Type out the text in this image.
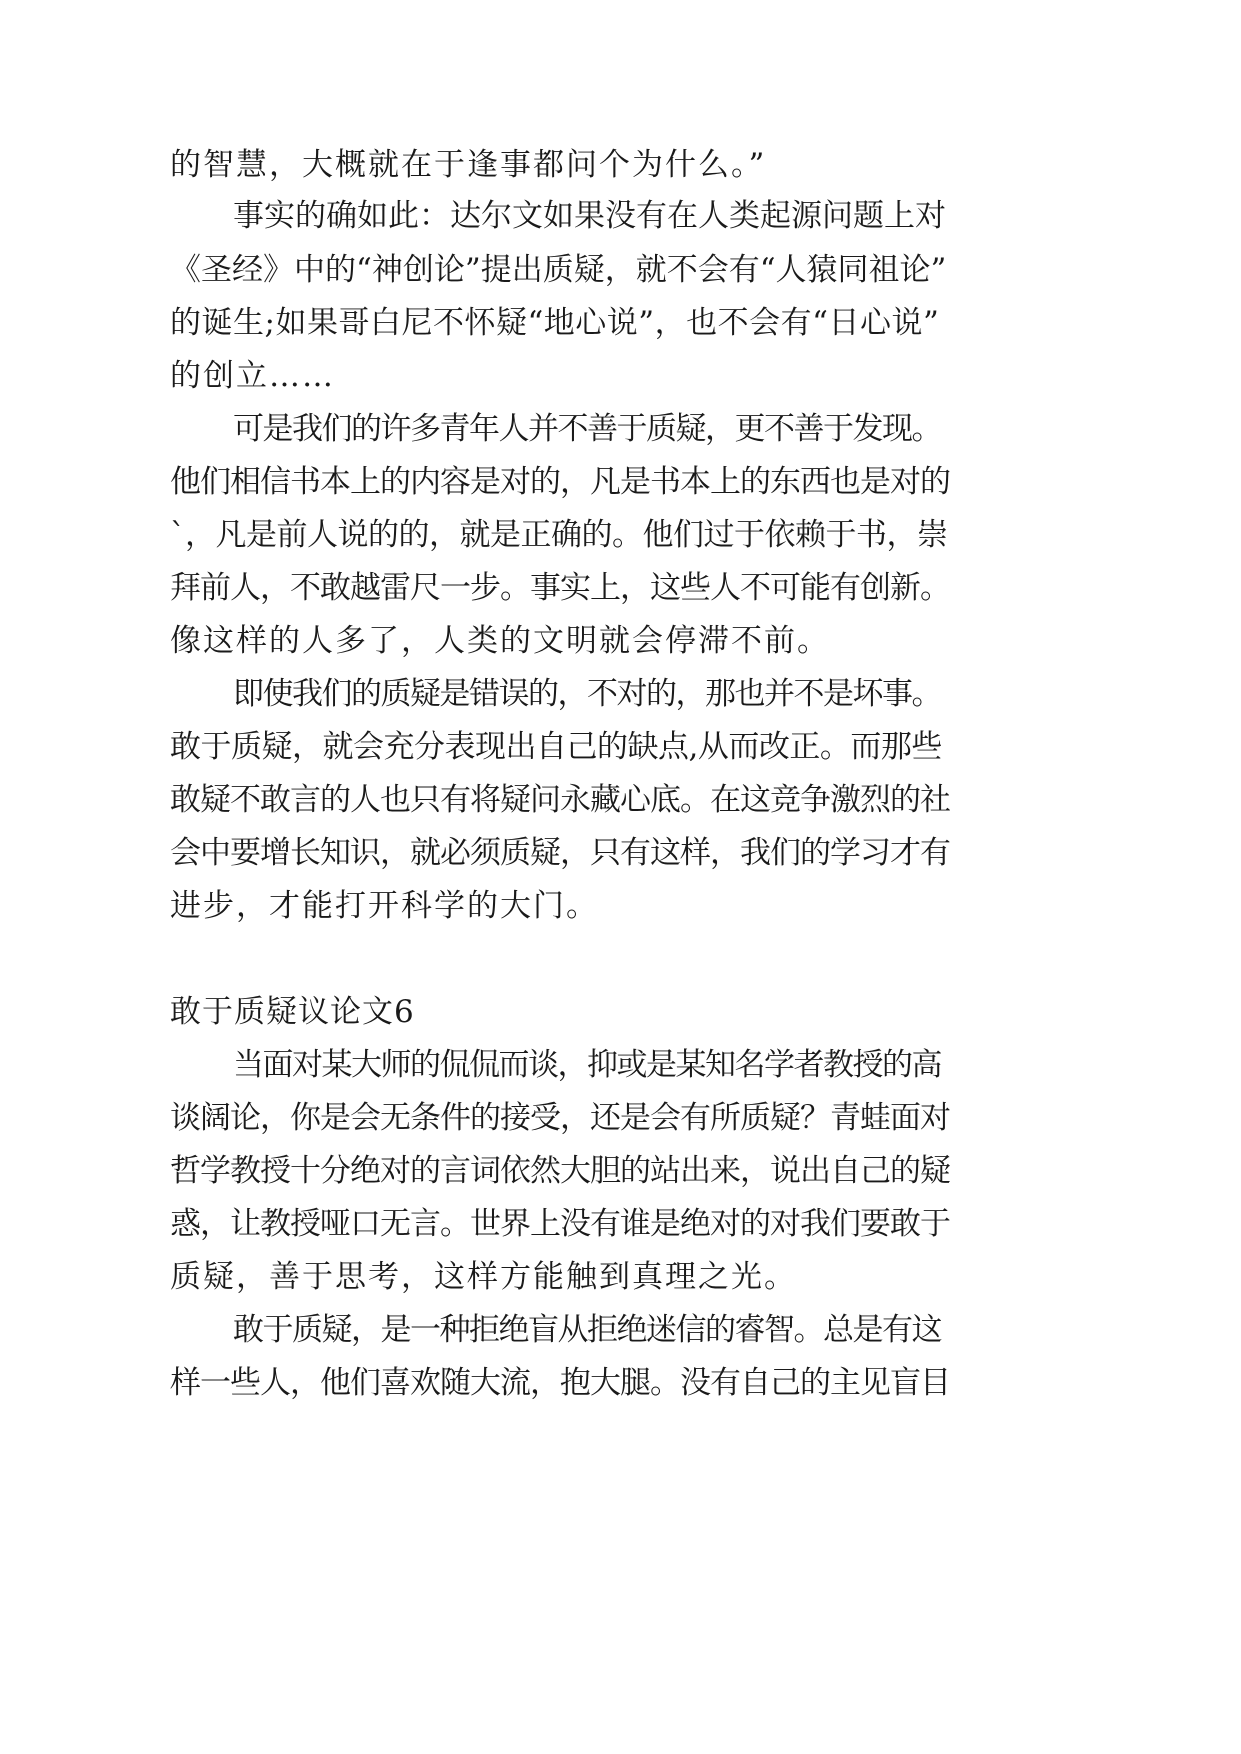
的智慧，大概就在于逢事都问个为什么。”
事实的确如此：达尔文如果没有在人类起源问题上对
《圣经》中的“神创论”提出质疑，就不会有“人猿同祖论”
的诞生;如果哥白尼不怀疑“地心说”，也不会有“日心说”
的创立……
可是我们的许多青年人并不善于质疑，更不善于发现。
他们相信书本上的内容是对的，凡是书本上的东西也是对的
`，凡是前人说的的，就是正确的。他们过于依赖于书，崇
拜前人，不敢越雷尺一步。事实上，这些人不可能有创新。
像这样的人多了，人类的文明就会停滞不前。
即使我们的质疑是错误的，不对的，那也并不是坏事。
敢于质疑，就会充分表现出自己的缺点,从而改正。而那些
敢疑不敢言的人也只有将疑问永藏心底。在这竞争激烈的社
会中要增长知识，就必须质疑，只有这样，我们的学习才有
进步，才能打开科学的大门。
敢于质疑议论文6
当面对某大师的侃侃而谈，抑或是某知名学者教授的高
谈阔论，你是会无条件的接受，还是会有所质疑？青蛙面对
哲学教授十分绝对的言词依然大胆的站出来，说出自己的疑
惑，让教授哑口无言。世界上没有谁是绝对的对我们要敢于
质疑，善于思考，这样方能触到真理之光。
敢于质疑，是一种拒绝盲从拒绝迷信的睿智。总是有这
样一些人，他们喜欢随大流，抱大腿。没有自己的主见盲目
